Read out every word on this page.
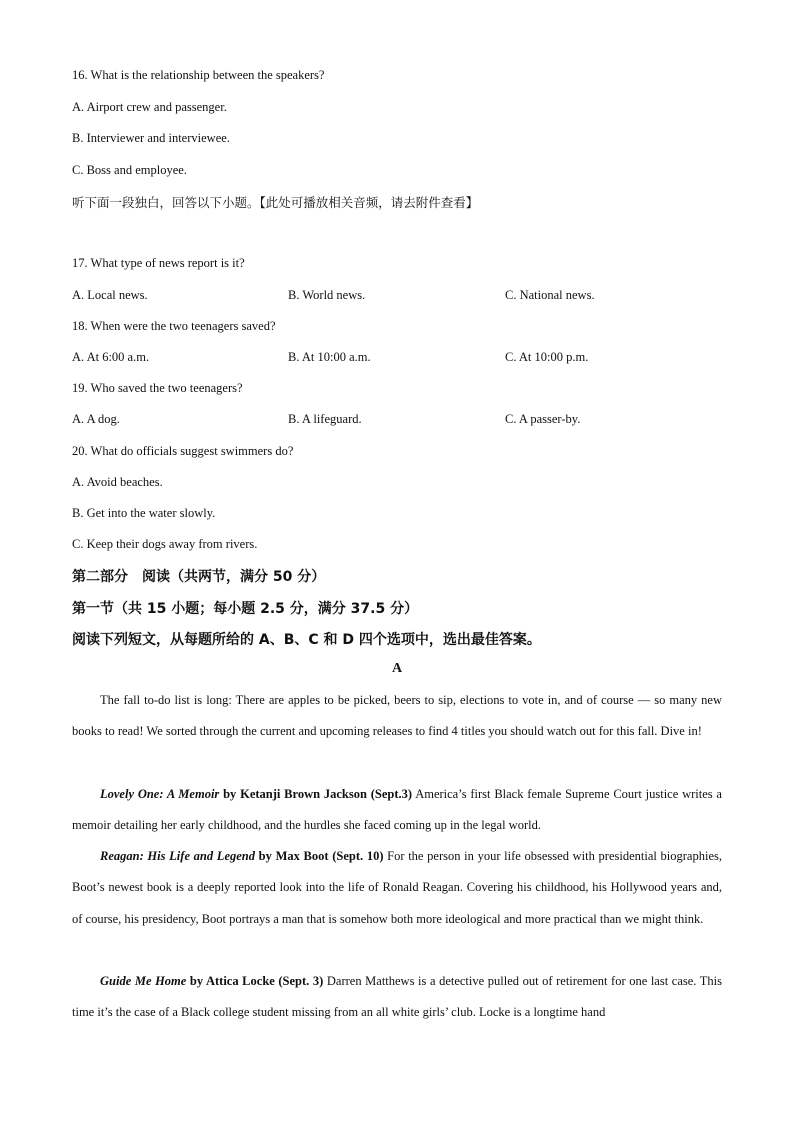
16. What is the relationship between the speakers?
A. Airport crew and passenger.
B. Interviewer and interviewee.
C. Boss and employee.
听下面一段独白，回答以下小题。【此处可播放相关音频，请去附件查看】
17. What type of news report is it?
A. Local news.	B. World news.	C. National news.
18. When were the two teenagers saved?
A. At 6:00 a.m.	B. At 10:00 a.m.	C. At 10:00 p.m.
19. Who saved the two teenagers?
A. A dog.	B. A lifeguard.	C. A passer-by.
20. What do officials suggest swimmers do?
A. Avoid beaches.
B. Get into the water slowly.
C. Keep their dogs away from rivers.
第二部分　阅读（共两节，满分 50 分）
第一节（共 15 小题；每小题 2.5 分，满分 37.5 分）
阅读下列短文，从每题所给的 A、B、C 和 D 四个选项中，选出最佳答案。
A
The fall to-do list is long: There are apples to be picked, beers to sip, elections to vote in, and of course — so many new books to read! We sorted through the current and upcoming releases to find 4 titles you should watch out for this fall. Dive in!
Lovely One: A Memoir by Ketanji Brown Jackson (Sept.3) America’s first Black female Supreme Court justice writes a memoir detailing her early childhood, and the hurdles she faced coming up in the legal world.
Reagan: His Life and Legend by Max Boot (Sept. 10) For the person in your life obsessed with presidential biographies, Boot’s newest book is a deeply reported look into the life of Ronald Reagan. Covering his childhood, his Hollywood years and, of course, his presidency, Boot portrays a man that is somehow both more ideological and more practical than we might think.
Guide Me Home by Attica Locke (Sept. 3) Darren Matthews is a detective pulled out of retirement for one last case. This time it’s the case of a Black college student missing from an all white girls’ club. Locke is a longtime hand
